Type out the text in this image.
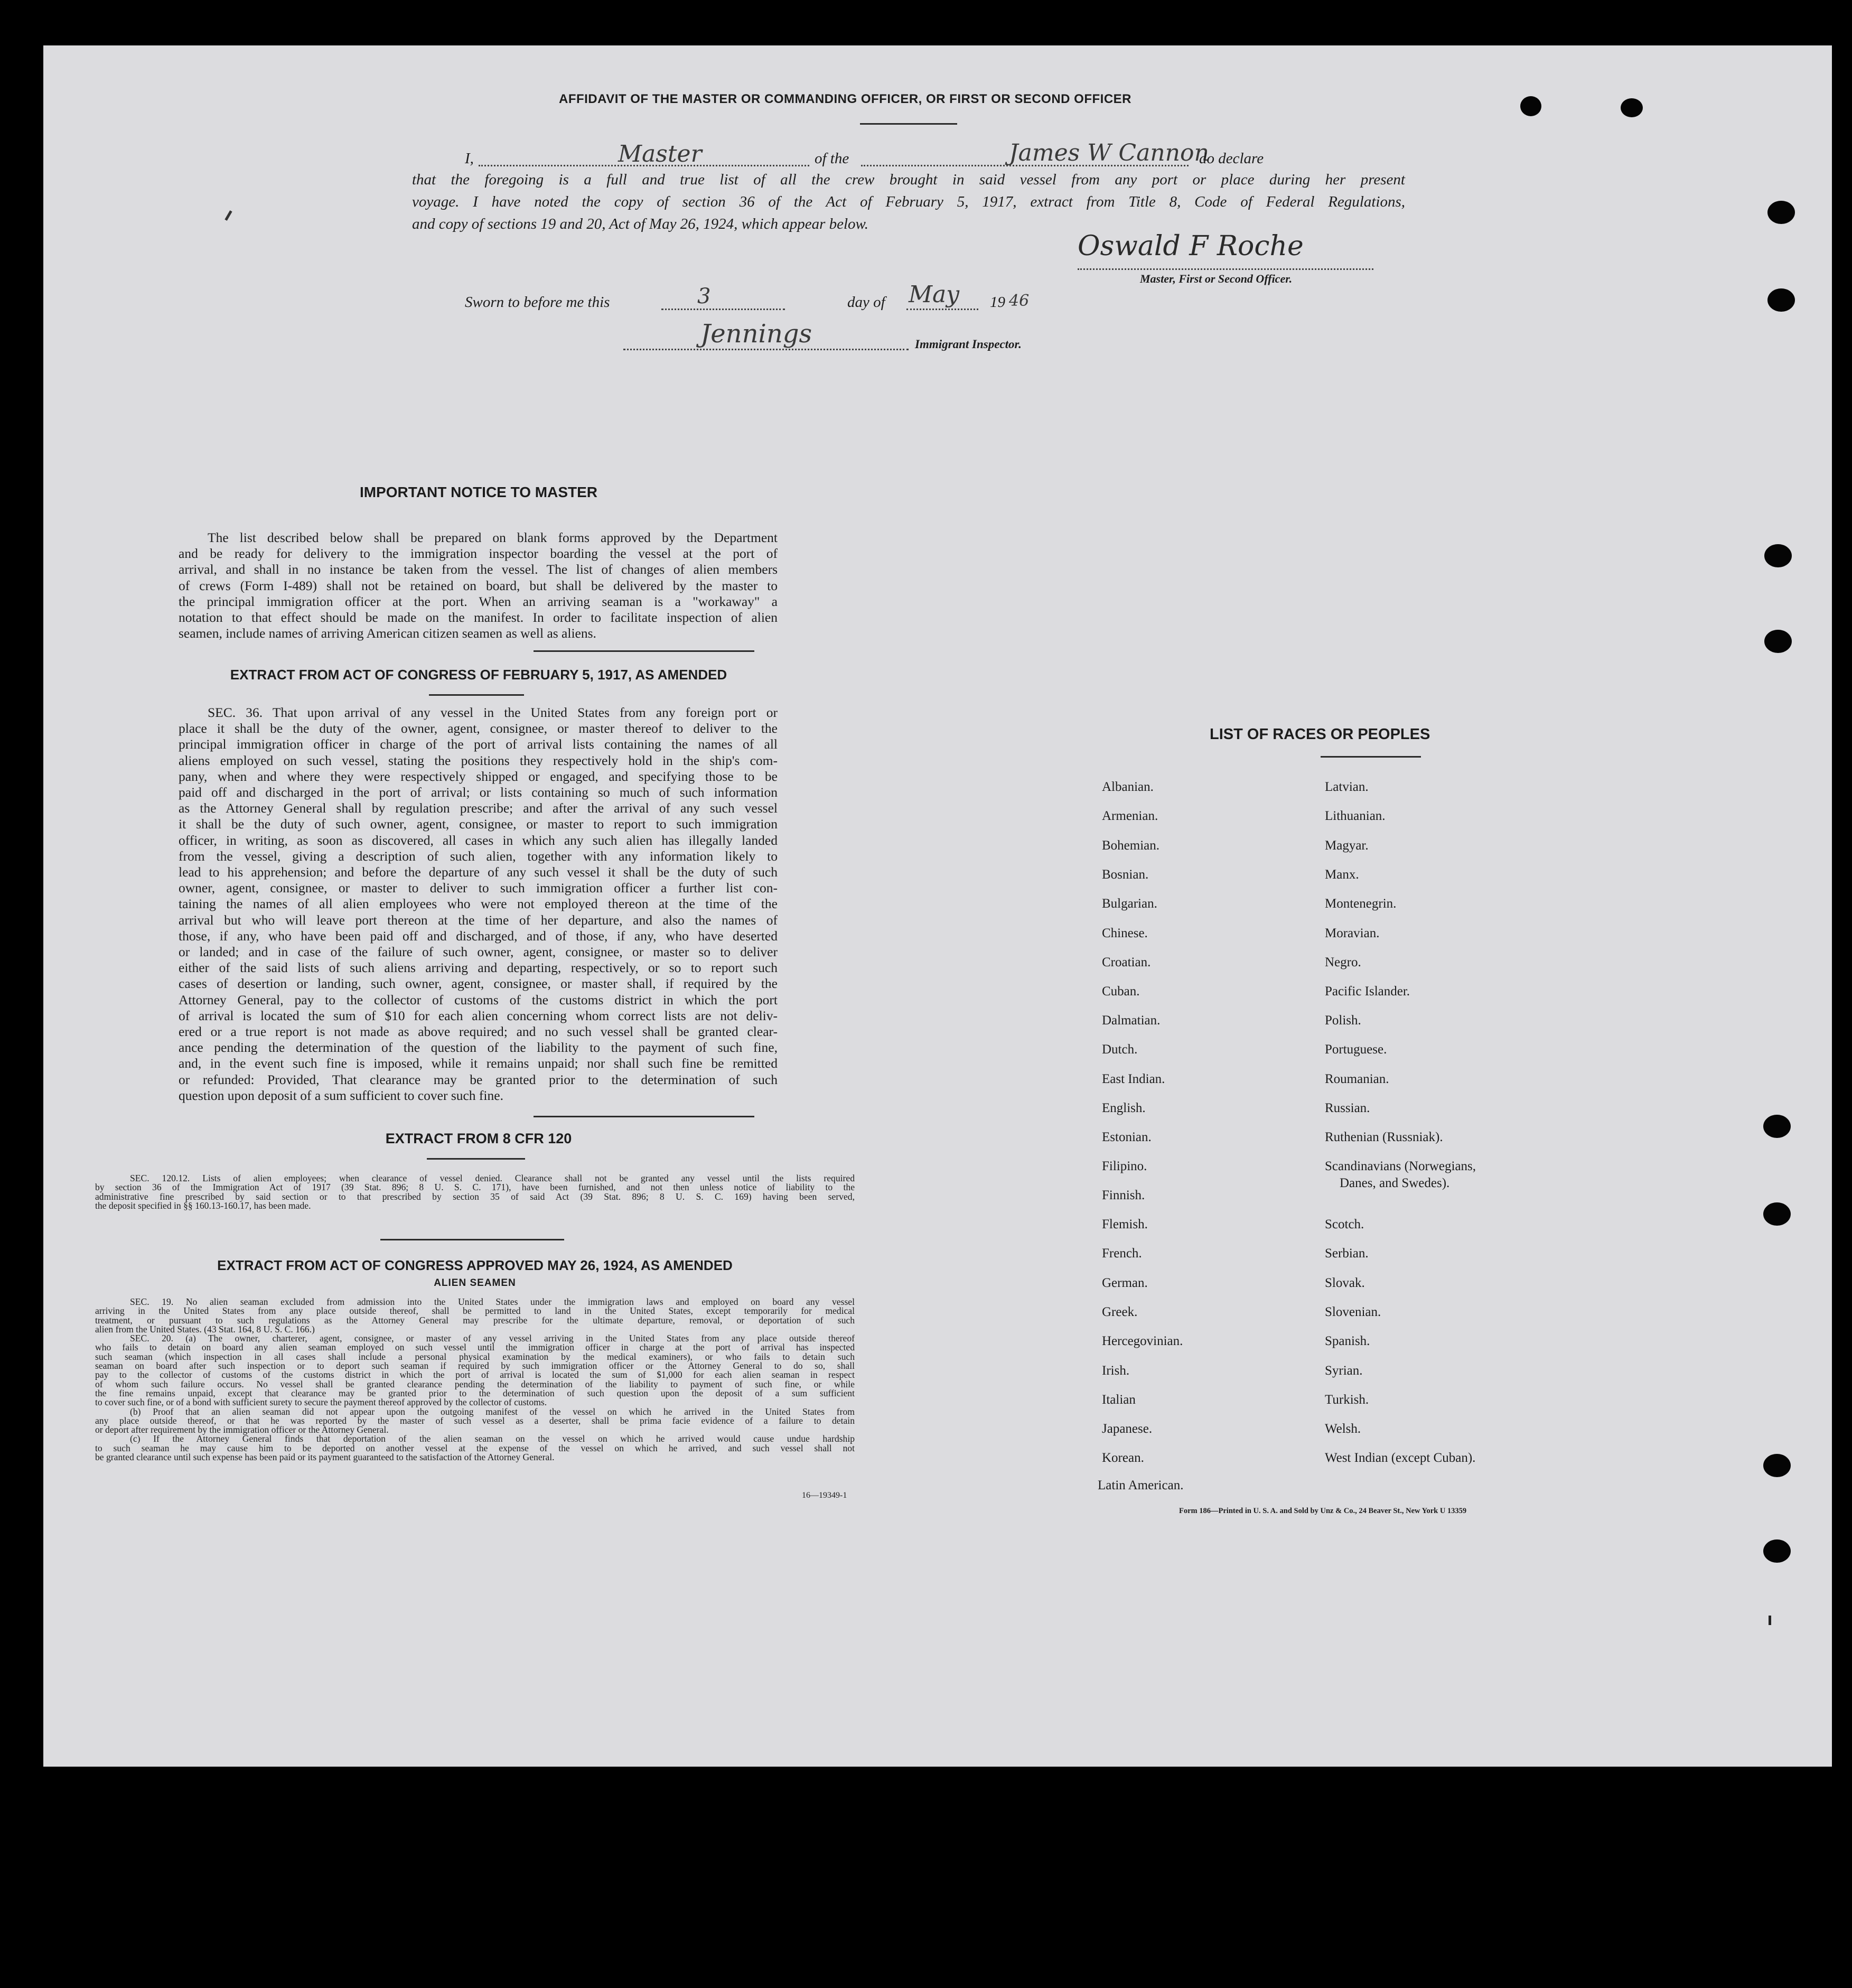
AFFIDAVIT OF THE MASTER OR COMMANDING OFFICER, OR FIRST OR SECOND OFFICER
I,	Master	of the	James W Cannon
do declare
that the foregoing is a full and true list of all the crew brought in said vessel from any port or place during her present
voyage. I have noted the copy of section 36 of the Act of February 5, 1917, extract from Title 8, Code of Federal Regulations,
and copy of sections 19 and 20, Act of May 26, 1924, which appear below.
Oswald F Roche
Master, First or Second Officer.
Sworn to before me this	3	day of May 19 46
Jennings	Immigrant Inspector.
IMPORTANT NOTICE TO MASTER
The list described below shall be prepared on blank forms approved by the Department
and be ready for delivery to the immigration inspector boarding the vessel at the port of
arrival, and shall in no instance be taken from the vessel. The list of changes of alien members
of crews (Form I-489) shall not be retained on board, but shall be delivered by the master to
the principal immigration officer at the port. When an arriving seaman is a "workaway" a
notation to that effect should be made on the manifest. In order to facilitate inspection of alien
seamen, include names of arriving American citizen seamen as well as aliens.
EXTRACT FROM ACT OF CONGRESS OF FEBRUARY 5, 1917, AS AMENDED
SEC. 36. That upon arrival of any vessel in the United States from any foreign port or
place it shall be the duty of the owner, agent, consignee, or master thereof to deliver to the
principal immigration officer in charge of the port of arrival lists containing the names of all
aliens employed on such vessel, stating the positions they respectively hold in the ship's com-
pany, when and where they were respectively shipped or engaged, and specifying those to be
paid off and discharged in the port of arrival; or lists containing so much of such information
as the Attorney General shall by regulation prescribe; and after the arrival of any such vessel
it shall be the duty of such owner, agent, consignee, or master to report to such immigration
officer, in writing, as soon as discovered, all cases in which any such alien has illegally landed
from the vessel, giving a description of such alien, together with any information likely to
lead to his apprehension; and before the departure of any such vessel it shall be the duty of such
owner, agent, consignee, or master to deliver to such immigration officer a further list con-
taining the names of all alien employees who were not employed thereon at the time of the
arrival but who will leave port thereon at the time of her departure, and also the names of
those, if any, who have been paid off and discharged, and of those, if any, who have deserted
or landed; and in case of the failure of such owner, agent, consignee, or master so to deliver
either of the said lists of such aliens arriving and departing, respectively, or so to report such
cases of desertion or landing, such owner, agent, consignee, or master shall, if required by the
Attorney General, pay to the collector of customs of the customs district in which the port
of arrival is located the sum of $10 for each alien concerning whom correct lists are not deliv-
ered or a true report is not made as above required; and no such vessel shall be granted clear-
ance pending the determination of the question of the liability to the payment of such fine,
and, in the event such fine is imposed, while it remains unpaid; nor shall such fine be remitted
or refunded: Provided, That clearance may be granted prior to the determination of such
question upon deposit of a sum sufficient to cover such fine.
EXTRACT FROM 8 CFR 120
SEC. 120.12. Lists of alien employees; when clearance of vessel denied. Clearance shall not be granted any vessel until the lists required
by section 36 of the Immigration Act of 1917 (39 Stat. 896; 8 U. S. C. 171), have been furnished, and not then unless notice of liability to the
administrative fine prescribed by said section or to that prescribed by section 35 of said Act (39 Stat. 896; 8 U. S. C. 169) having been served,
the deposit specified in §§ 160.13-160.17, has been made.
EXTRACT FROM ACT OF CONGRESS APPROVED MAY 26, 1924, AS AMENDED
ALIEN SEAMEN
SEC. 19. No alien seaman excluded from admission into the United States under the immigration laws and employed on board any vessel
arriving in the United States from any place outside thereof, shall be permitted to land in the United States, except temporarily for medical
treatment, or pursuant to such regulations as the Attorney General may prescribe for the ultimate departure, removal, or deportation of such
alien from the United States. (43 Stat. 164, 8 U. S. C. 166.)
SEC. 20. (a) The owner, charterer, agent, consignee, or master of any vessel arriving in the United States from any place outside thereof
who fails to detain on board any alien seaman employed on such vessel until the immigration officer in charge at the port of arrival has inspected
such seaman (which inspection in all cases shall include a personal physical examination by the medical examiners), or who fails to detain such
seaman on board after such inspection or to deport such seaman if required by such immigration officer or the Attorney General to do so, shall
pay to the collector of customs of the customs district in which the port of arrival is located the sum of $1,000 for each alien seaman in respect
of whom such failure occurs. No vessel shall be granted clearance pending the determination of the liability to payment of such fine, or while
the fine remains unpaid, except that clearance may be granted prior to the determination of such question upon the deposit of a sum sufficient
to cover such fine, or of a bond with sufficient surety to secure the payment thereof approved by the collector of customs.
(b) Proof that an alien seaman did not appear upon the outgoing manifest of the vessel on which he arrived in the United States from
any place outside thereof, or that he was reported by the master of such vessel as a deserter, shall be prima facie evidence of a failure to detain
or deport after requirement by the immigration officer or the Attorney General.
(c) If the Attorney General finds that deportation of the alien seaman on the vessel on which he arrived would cause undue hardship
to such seaman he may cause him to be deported on another vessel at the expense of the vessel on which he arrived, and such vessel shall not
be granted clearance until such expense has been paid or its payment guaranteed to the satisfaction of the Attorney General.
16—19349-1
LIST OF RACES OR PEOPLES
Albanian.
Armenian.
Bohemian.
Bosnian.
Bulgarian.
Chinese.
Croatian.
Cuban.
Dalmatian.
Dutch.
East Indian.
English.
Estonian.
Filipino.
Finnish.
Flemish.
French.
German.
Greek.
Hercegovinian.
Irish.
Italian
Japanese.
Korean.
Latin American.
Latvian.
Lithuanian.
Magyar.
Manx.
Montenegrin.
Moravian.
Negro.
Pacific Islander.
Polish.
Portuguese.
Roumanian.
Russian.
Ruthenian (Russniak).
Scandinavians (Norwegians,
Danes, and Swedes).
Scotch.
Serbian.
Slovak.
Slovenian.
Spanish.
Syrian.
Turkish.
Welsh.
West Indian (except Cuban).
Form 186—Printed in U. S. A. and Sold by Unz & Co., 24 Beaver St., New York U 13359
